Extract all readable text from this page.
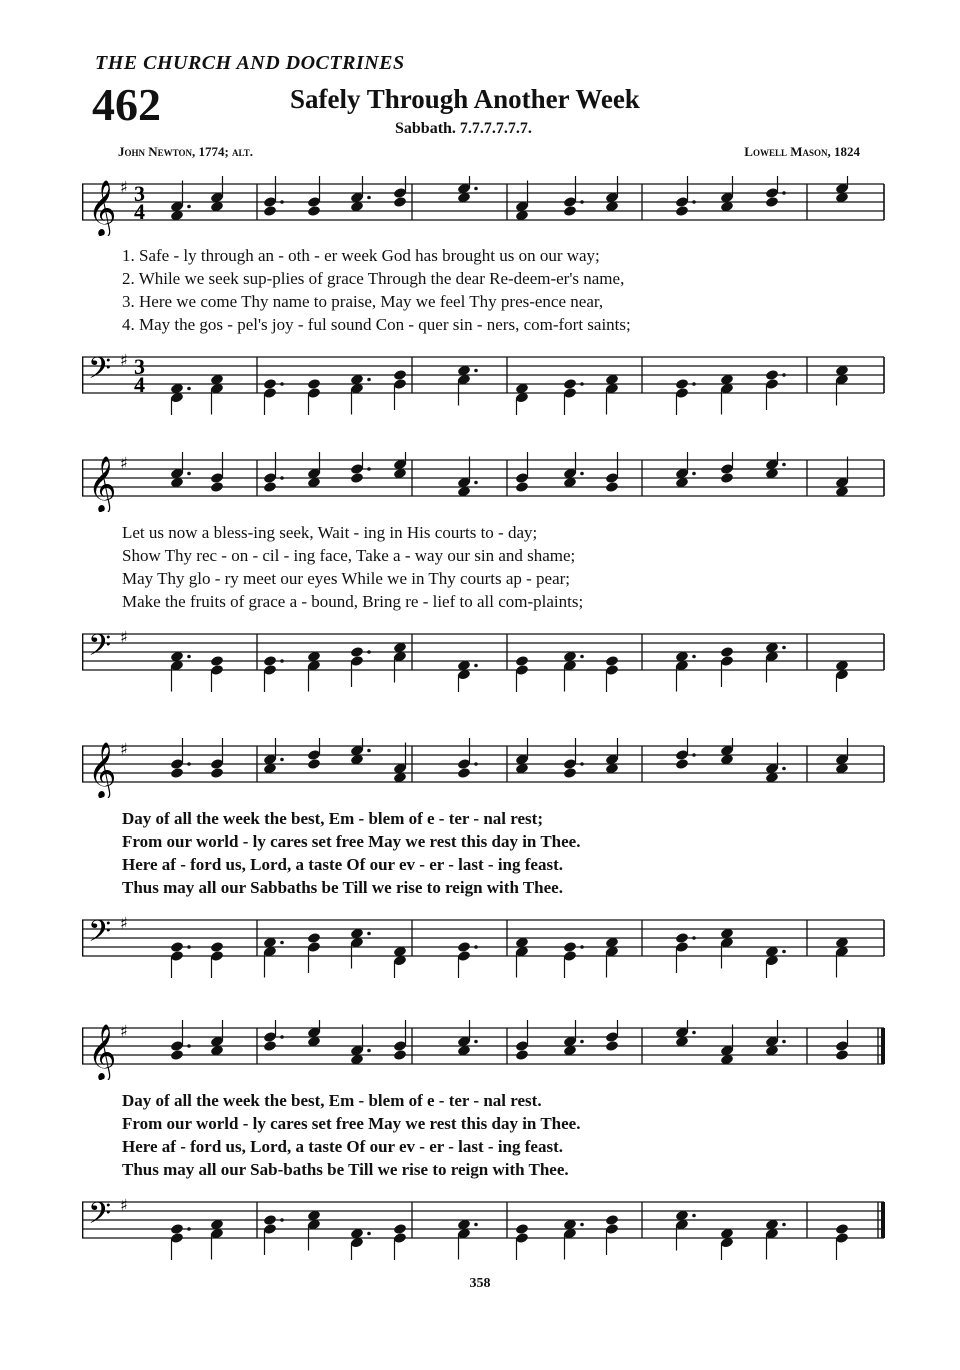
THE CHURCH AND DOCTRINES
462	Safely Through Another Week
Sabbath. 7.7.7.7.7.7.
John Newton, 1774; alt.	Lowell Mason, 1824
𝄞 ♯ 3
4
1. Safe - ly through an - oth - er week God has brought us on our way;
2. While we seek sup-plies of grace Through the dear Re-deem-er's name,
3. Here we come Thy name to praise, May we feel Thy pres-ence near,
4. May the gos - pel's joy - ful sound Con - quer sin - ners, com-fort saints;
𝄢 ♯ 3
4
𝄞 ♯
Let us now a bless-ing seek, Wait - ing in His courts to - day;
Show Thy rec - on - cil - ing face, Take a - way our sin and shame;
May Thy glo - ry meet our eyes While we in Thy courts ap - pear;
Make the fruits of grace a - bound, Bring re - lief to all com-plaints;
𝄢 ♯
𝄞 ♯
Day of all the week the best, Em - blem of e - ter - nal rest;
From our world - ly cares set free May we rest this day in Thee.
Here af - ford us, Lord, a taste Of our ev - er - last - ing feast.
Thus may all our Sabbaths be Till we rise to reign with Thee.
𝄢 ♯
𝄞 ♯
Day of all the week the best, Em - blem of e - ter - nal rest.
From our world - ly cares set free May we rest this day in Thee.
Here af - ford us, Lord, a taste Of our ev - er - last - ing feast.
Thus may all our Sab-baths be Till we rise to reign with Thee.
𝄢 ♯
358
